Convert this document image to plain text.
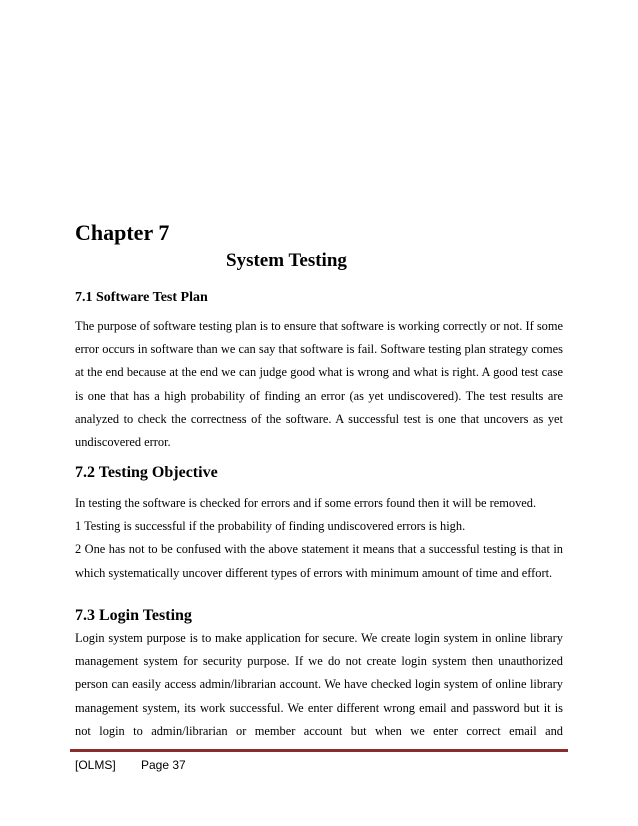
Chapter 7
System Testing
7.1 Software Test Plan

The purpose of software testing plan is to ensure that software is working correctly or not. If some error occurs in software than we can say that software is fail. Software testing plan strategy comes at the end because at the end we can judge good what is wrong and what is right. A good test case is one that has a high probability of finding an error (as yet undiscovered). The test results are analyzed to check the correctness of the software. A successful test is one that uncovers as yet undiscovered error.

7.2 Testing Objective

In testing the software is checked for errors and if some errors found then it will be removed.

1 Testing is successful if the probability of finding undiscovered errors is high.

2 One has not to be confused with the above statement it means that a successful testing is that in which systematically uncover different types of errors with minimum amount of time and effort.

7.3 Login Testing

Login system purpose is to make application for secure. We create login system in online library management system for security purpose. If we do not create login system then unauthorized person can easily access admin/librarian account. We have checked login system of online library management system, its work successful. We enter different wrong email and password but it is not login to admin/librarian or member account but when we enter correct email and

[OLMS]	Page 37
